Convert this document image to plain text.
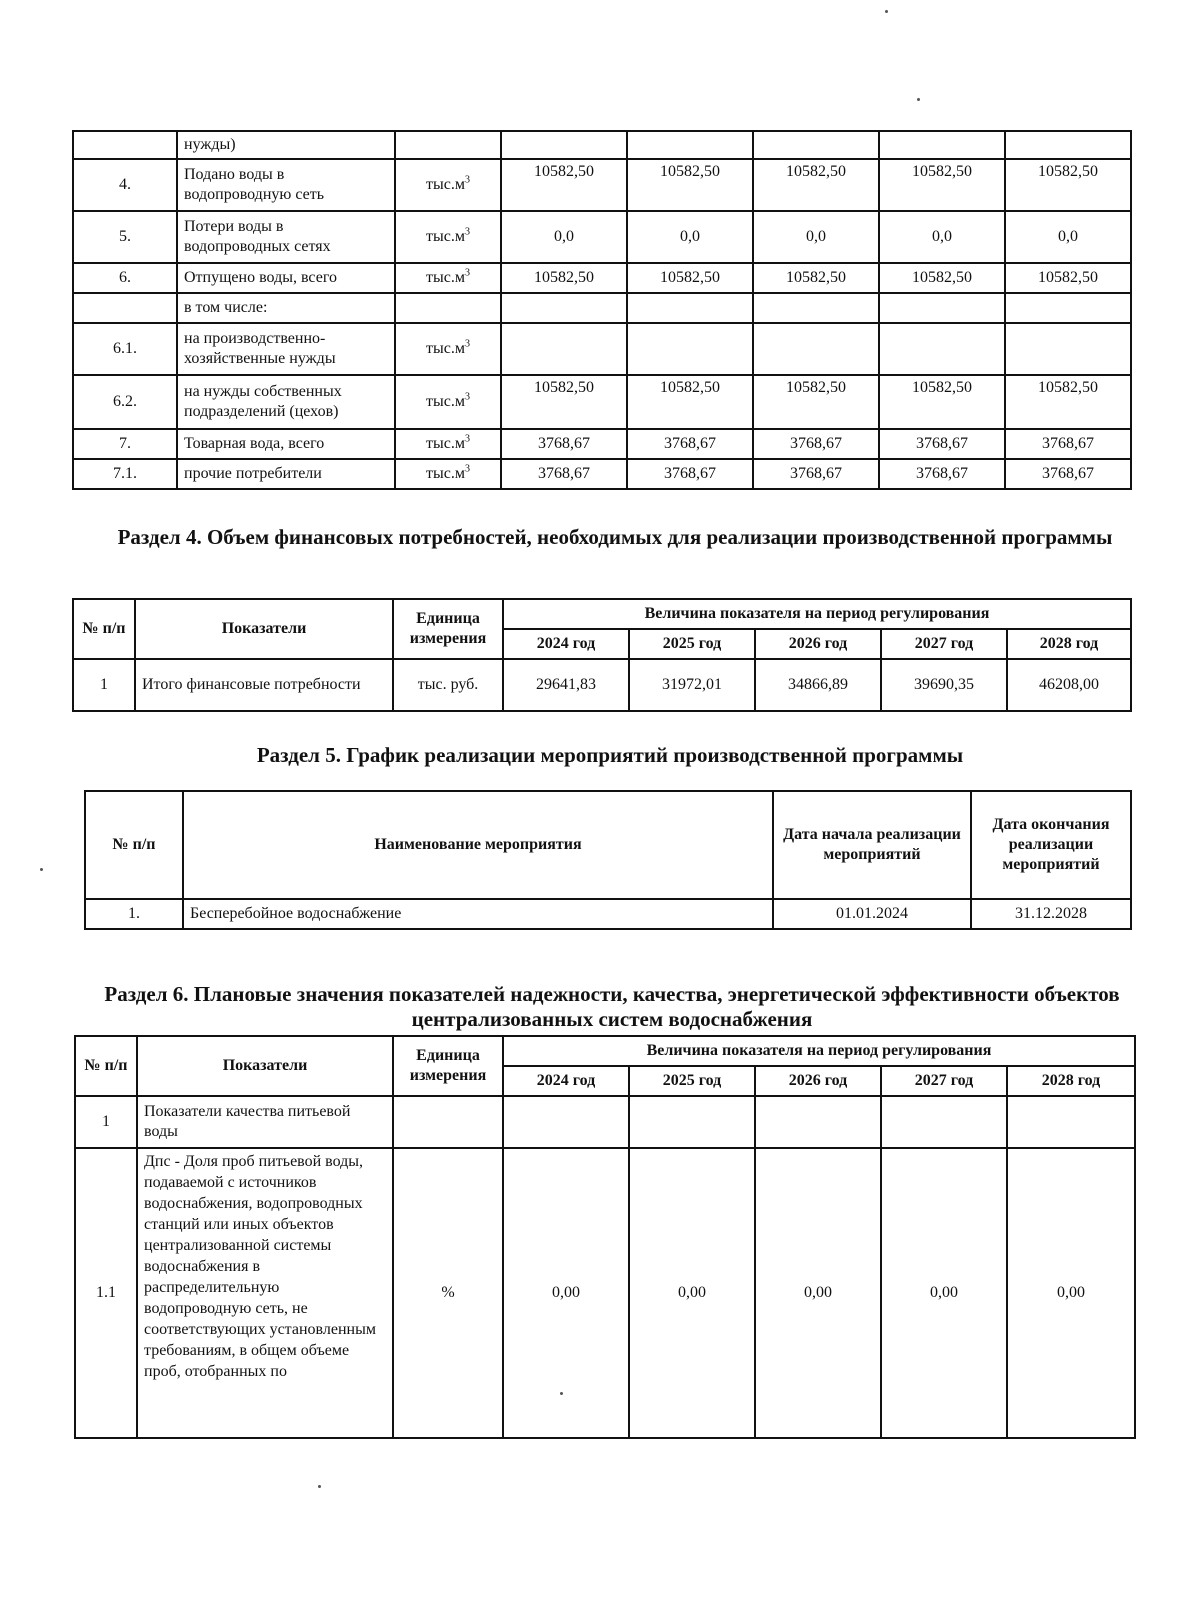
	нужды)						
4.	Подано воды в водопроводную сеть	$тыс.м^3$	10582,50	10582,50	10582,50	10582,50	10582,50
5.	Потери воды в водопроводных сетях	$тыс.м^3$	0,0	0,0	0,0	0,0	0,0
6.	Отпущено воды, всего	$тыс.м^3$	10582,50	10582,50	10582,50	10582,50	10582,50
	в том числе:						
6.1.	на производственно-хозяйственные нужды	$тыс.м^3$					
6.2.	на нужды собственных подразделений (цехов)	$тыс.м^3$	10582,50	10582,50	10582,50	10582,50	10582,50
7.	Товарная вода, всего	$тыс.м^3$	3768,67	3768,67	3768,67	3768,67	3768,67
7.1.	прочие потребители	$тыс.м^3$	3768,67	3768,67	3768,67	3768,67	3768,67
Раздел 4. Объем финансовых потребностей, необходимых для реализации производственной программы
№ п/п	Показатели	Единица измерения	Величина показателя на период регулирования				
			2024 год	2025 год	2026 год	2027 год	2028 год
1	Итого финансовые потребности	тыс. руб.	29641,83	31972,01	34866,89	39690,35	46208,00
Раздел 5. График реализации мероприятий производственной программы
№ п/п	Наименование мероприятия	Дата начала реализации мероприятий	Дата окончания реализации мероприятий
1.	Бесперебойное водоснабжение	01.01.2024	31.12.2028
Раздел 6. Плановые значения показателей надежности, качества, энергетической эффективности объектов централизованных систем водоснабжения
№ п/п	Показатели	Единица измерения	Величина показателя на период регулирования				
			2024 год	2025 год	2026 год	2027 год	2028 год
1	Показатели качества питьевой воды						
1.1	Дпс - Доля проб питьевой воды, подаваемой с источников водоснабжения, водопроводных станций или иных объектов централизованной системы водоснабжения в распределительную водопроводную сеть, не соответствующих установленным требованиям, в общем объеме проб, отобранных по	%	0,00	0,00	0,00	0,00	0,00
